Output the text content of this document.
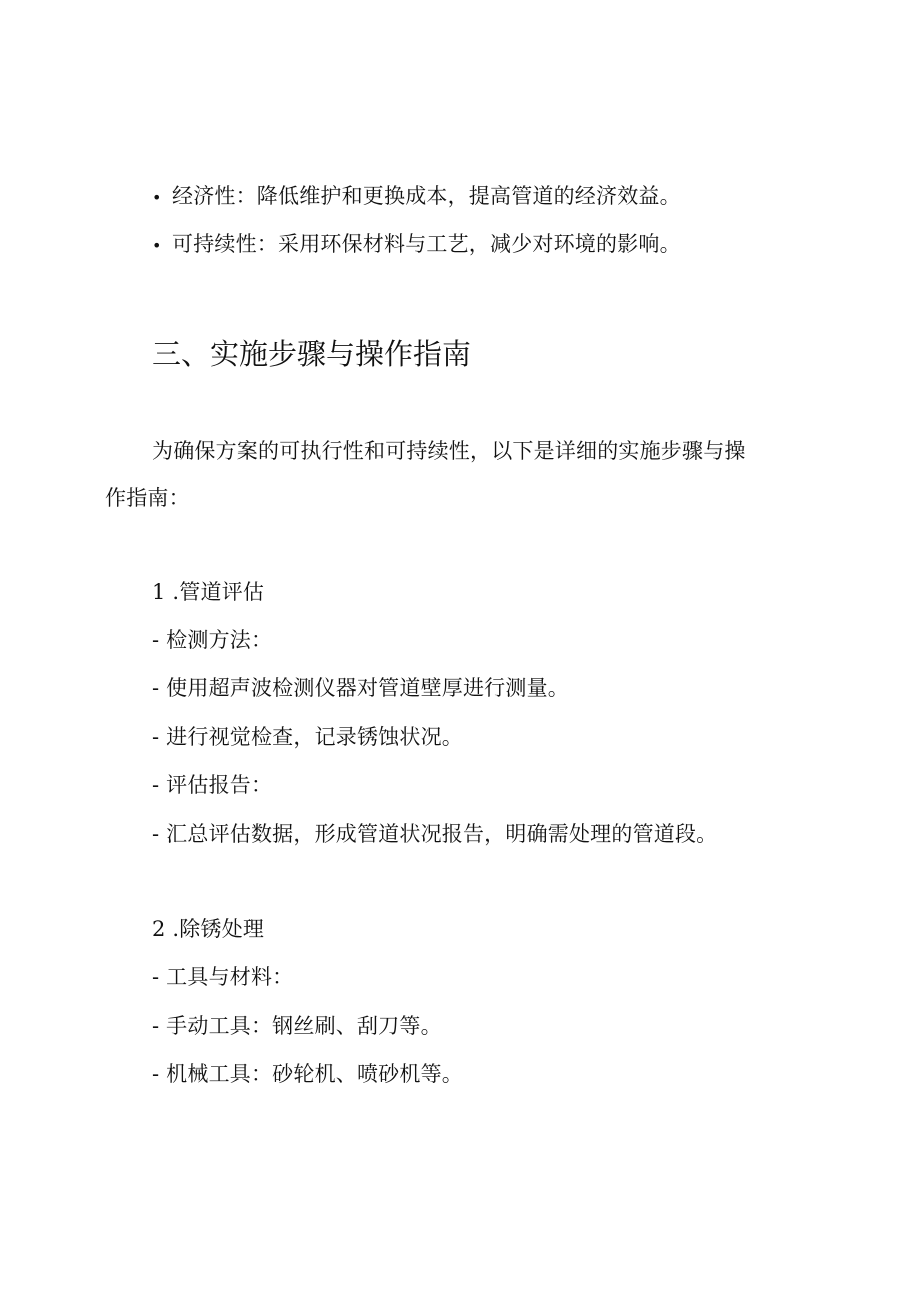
• 经济性：降低维护和更换成本，提高管道的经济效益。
• 可持续性：采用环保材料与工艺，减少对环境的影响。
三、实施步骤与操作指南
为确保方案的可执行性和可持续性，以下是详细的实施步骤与操
作指南：
1 .管道评估
- 检测方法：
- 使用超声波检测仪器对管道壁厚进行测量。
- 进行视觉检查，记录锈蚀状况。
- 评估报告：
- 汇总评估数据，形成管道状况报告，明确需处理的管道段。
2 .除锈处理
- 工具与材料：
- 手动工具：钢丝刷、刮刀等。
- 机械工具：砂轮机、喷砂机等。
